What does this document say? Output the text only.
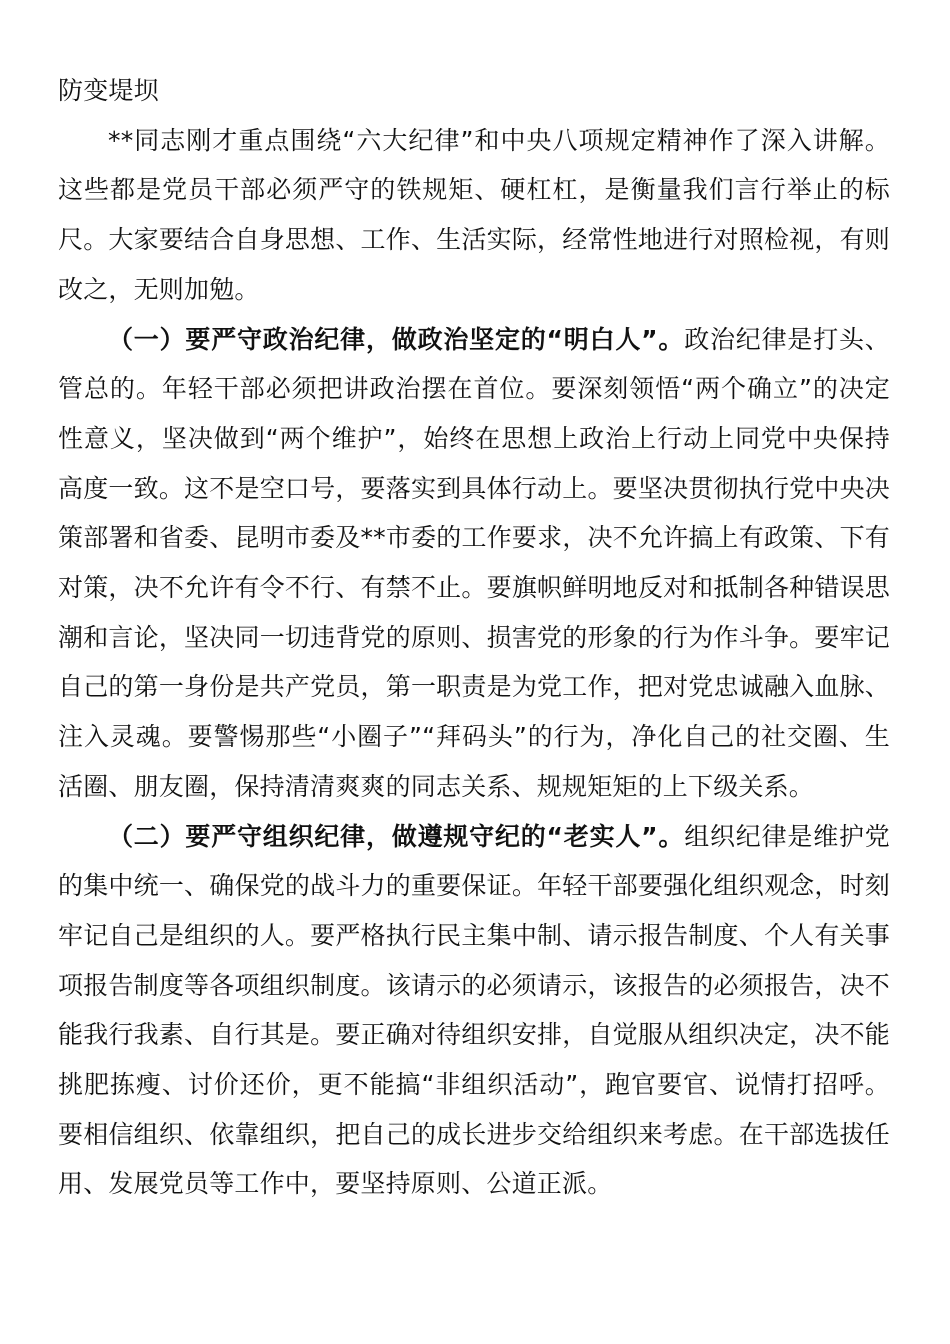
防变堤坝

**同志刚才重点围绕“六大纪律”和中央八项规定精神作了深入讲解。这些都是党员干部必须严守的铁规矩、硬杠杠，是衡量我们言行举止的标尺。大家要结合自身思想、工作、生活实际，经常性地进行对照检视，有则改之，无则加勉。

（一）要严守政治纪律，做政治坚定的“明白人”。政治纪律是打头、管总的。年轻干部必须把讲政治摆在首位。要深刻领悟“两个确立”的决定性意义，坚决做到“两个维护”，始终在思想上政治上行动上同党中央保持高度一致。这不是空口号，要落实到具体行动上。要坚决贯彻执行党中央决策部署和省委、昆明市委及**市委的工作要求，决不允许搞上有政策、下有对策，决不允许有令不行、有禁不止。要旗帜鲜明地反对和抵制各种错误思潮和言论，坚决同一切违背党的原则、损害党的形象的行为作斗争。要牢记自己的第一身份是共产党员，第一职责是为党工作，把对党忠诚融入血脉、注入灵魂。要警惕那些“小圈子”“拜码头”的行为，净化自己的社交圈、生活圈、朋友圈，保持清清爽爽的同志关系、规规矩矩的上下级关系。

（二）要严守组织纪律，做遵规守纪的“老实人”。组织纪律是维护党的集中统一、确保党的战斗力的重要保证。年轻干部要强化组织观念，时刻牢记自己是组织的人。要严格执行民主集中制、请示报告制度、个人有关事项报告制度等各项组织制度。该请示的必须请示，该报告的必须报告，决不能我行我素、自行其是。要正确对待组织安排，自觉服从组织决定，决不能挑肥拣瘦、讨价还价，更不能搞“非组织活动”，跑官要官、说情打招呼。要相信组织、依靠组织，把自己的成长进步交给组织来考虑。在干部选拔任用、发展党员等工作中，要坚持原则、公道正派。
